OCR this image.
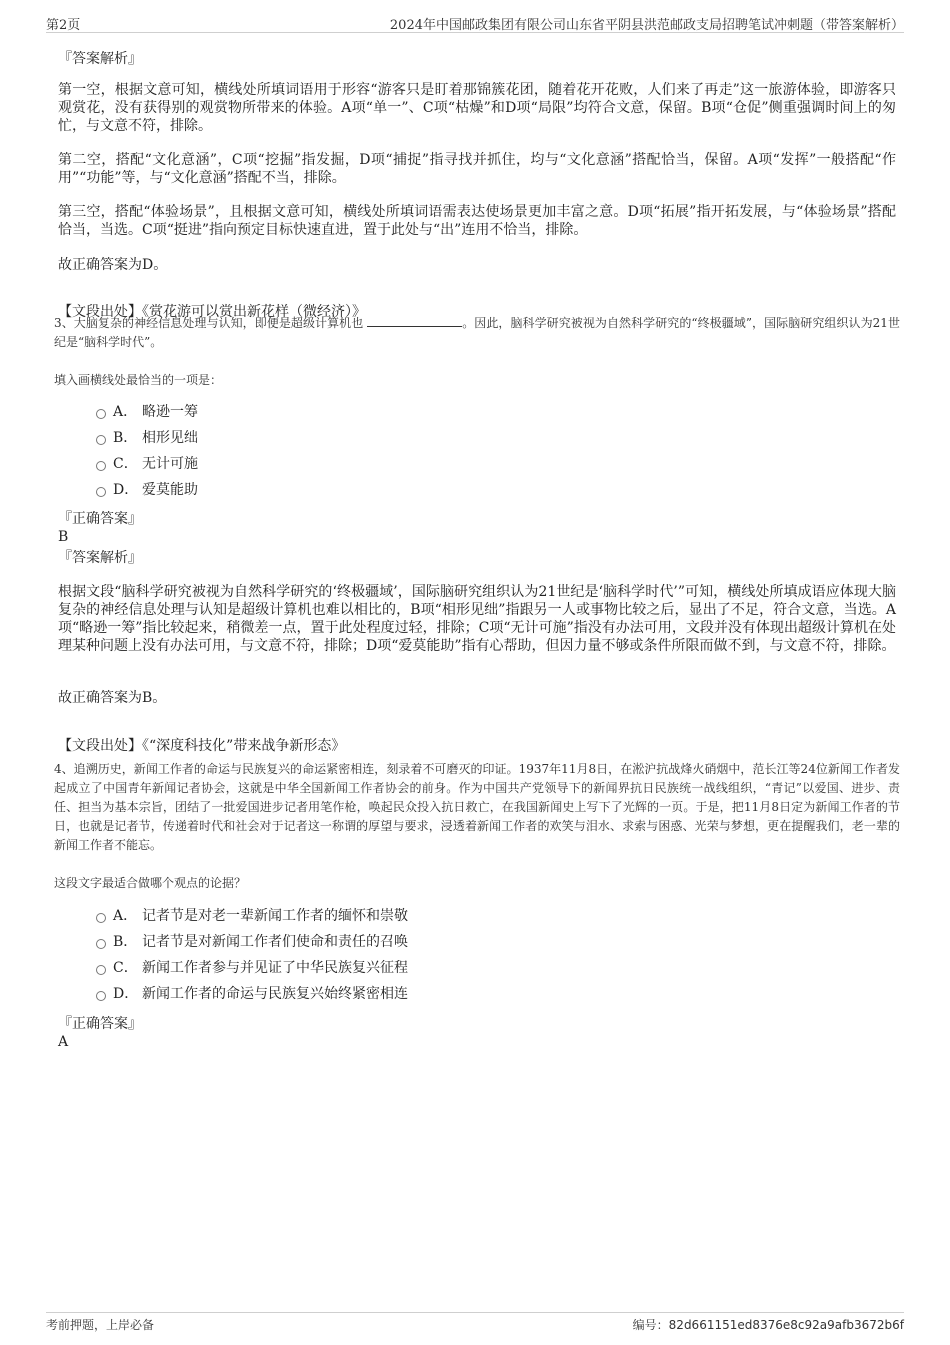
第2页	2024年中国邮政集团有限公司山东省平阴县洪范邮政支局招聘笔试冲刺题（带答案解析）

『答案解析』

第一空，根据文意可知，横线处所填词语用于形容“游客只是盯着那锦簇花团，随着花开花败，人们来了再走”这一旅游体验，即游客只观赏花，没有获得别的观赏物所带来的体验。A项“单一”、C项“枯燥”和D项“局限”均符合文意，保留。B项“仓促”侧重强调时间上的匆忙，与文意不符，排除。

第二空，搭配“文化意涵”，C项“挖掘”指发掘，D项“捕捉”指寻找并抓住，均与“文化意涵”搭配恰当，保留。A项“发挥”一般搭配“作用”“功能”等，与“文化意涵”搭配不当，排除。

第三空，搭配“体验场景”，且根据文意可知，横线处所填词语需表达使场景更加丰富之意。D项“拓展”指开拓发展，与“体验场景”搭配恰当，当选。C项“挺进”指向预定目标快速直进，置于此处与“出”连用不恰当，排除。

故正确答案为D。

【文段出处】《赏花游可以赏出新花样（微经济）》

3、大脑复杂的神经信息处理与认知，即便是超级计算机也	。因此，脑科学研究被视为自然科学研究的“终极疆域”，国际脑研究组织认为21世纪是“脑科学时代”。

填入画横线处最恰当的一项是：
A． 略逊一筹
B． 相形见绌
C． 无计可施
D． 爱莫能助

『正确答案』

B

『答案解析』

根据文段“脑科学研究被视为自然科学研究的‘终极疆域’，国际脑研究组织认为21世纪是‘脑科学时代’”可知，横线处所填成语应体现大脑复杂的神经信息处理与认知是超级计算机也难以相比的，B项“相形见绌”指跟另一人或事物比较之后，显出了不足，符合文意，当选。A项“略逊一筹”指比较起来，稍微差一点，置于此处程度过轻，排除；C项“无计可施”指没有办法可用，文段并没有体现出超级计算机在处理某种问题上没有办法可用，与文意不符，排除；D项“爱莫能助”指有心帮助，但因力量不够或条件所限而做不到，与文意不符，排除。

故正确答案为B。

【文段出处】《“深度科技化”带来战争新形态》

4、追溯历史，新闻工作者的命运与民族复兴的命运紧密相连，刻录着不可磨灭的印证。1937年11月8日，在淞沪抗战烽火硝烟中，范长江等24位新闻工作者发起成立了中国青年新闻记者协会，这就是中华全国新闻工作者协会的前身。作为中国共产党领导下的新闻界抗日民族统一战线组织，“青记”以爱国、进步、责任、担当为基本宗旨，团结了一批爱国进步记者用笔作枪，唤起民众投入抗日救亡，在我国新闻史上写下了光辉的一页。于是，把11月8日定为新闻工作者的节日，也就是记者节，传递着时代和社会对于记者这一称谓的厚望与要求，浸透着新闻工作者的欢笑与泪水、求索与困惑、光荣与梦想，更在提醒我们，老一辈的新闻工作者不能忘。

这段文字最适合做哪个观点的论据？
A． 记者节是对老一辈新闻工作者的缅怀和崇敬
B． 记者节是对新闻工作者们使命和责任的召唤
C． 新闻工作者参与并见证了中华民族复兴征程
D． 新闻工作者的命运与民族复兴始终紧密相连

『正确答案』

A

考前押题，上岸必备	编号：82d661151ed8376e8c92a9afb3672b6f
